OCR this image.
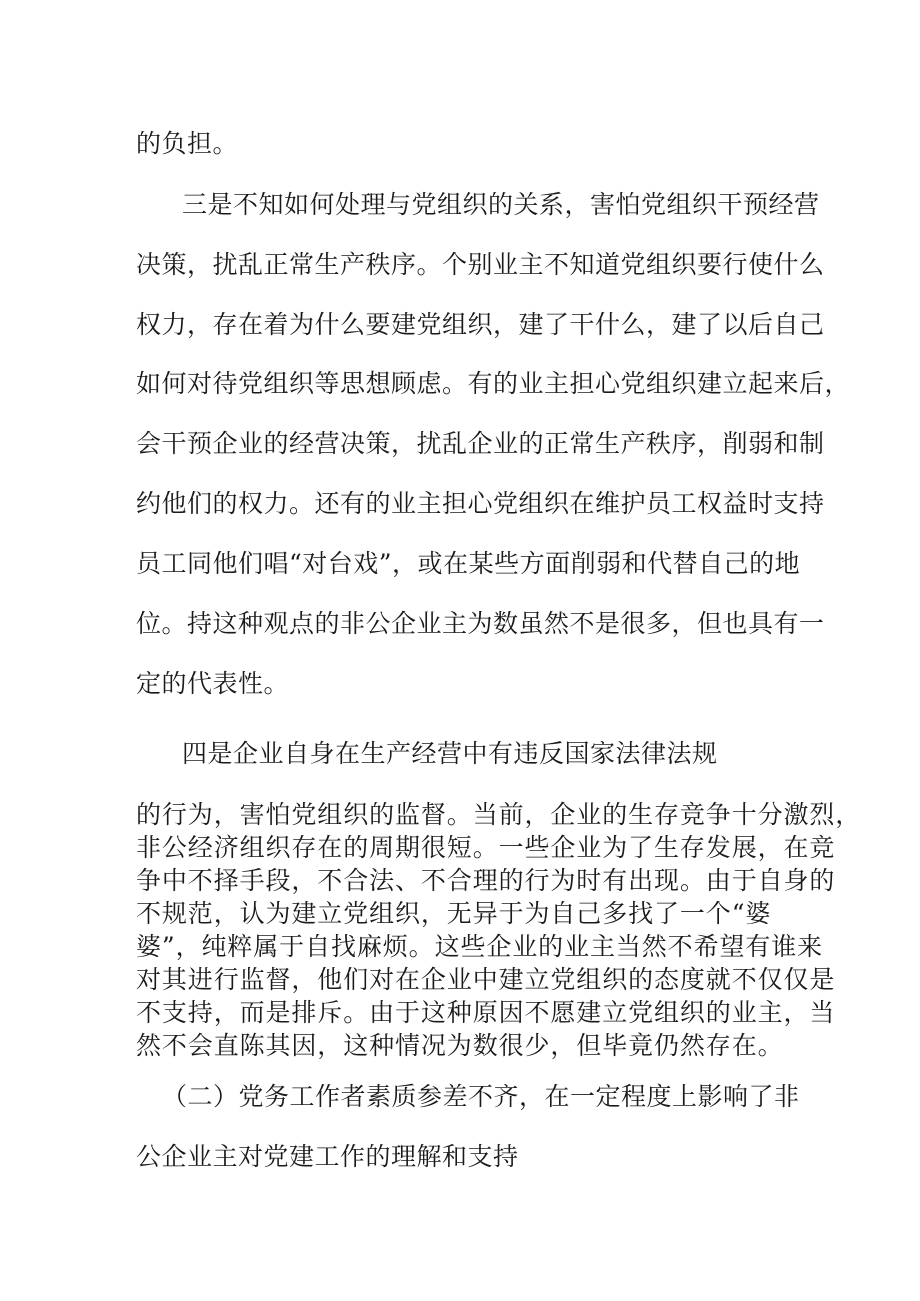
的负担。
三是不知如何处理与党组织的关系，害怕党组织干预经营
决策，扰乱正常生产秩序。个别业主不知道党组织要行使什么
权力，存在着为什么要建党组织，建了干什么，建了以后自己
如何对待党组织等思想顾虑。有的业主担心党组织建立起来后，
会干预企业的经营决策，扰乱企业的正常生产秩序，削弱和制
约他们的权力。还有的业主担心党组织在维护员工权益时支持
员工同他们唱“对台戏”，或在某些方面削弱和代替自己的地
位。持这种观点的非公企业主为数虽然不是很多，但也具有一
定的代表性。
四是企业自身在生产经营中有违反国家法律法规
的行为，害怕党组织的监督。当前，企业的生存竞争十分激烈，
非公经济组织存在的周期很短。一些企业为了生存发展，在竞
争中不择手段，不合法、不合理的行为时有出现。由于自身的
不规范，认为建立党组织，无异于为自己多找了一个“婆
婆”，纯粹属于自找麻烦。这些企业的业主当然不希望有谁来
对其进行监督，他们对在企业中建立党组织的态度就不仅仅是
不支持，而是排斥。由于这种原因不愿建立党组织的业主，当
然不会直陈其因，这种情况为数很少，但毕竟仍然存在。
（二）党务工作者素质参差不齐，在一定程度上影响了非
公企业主对党建工作的理解和支持
